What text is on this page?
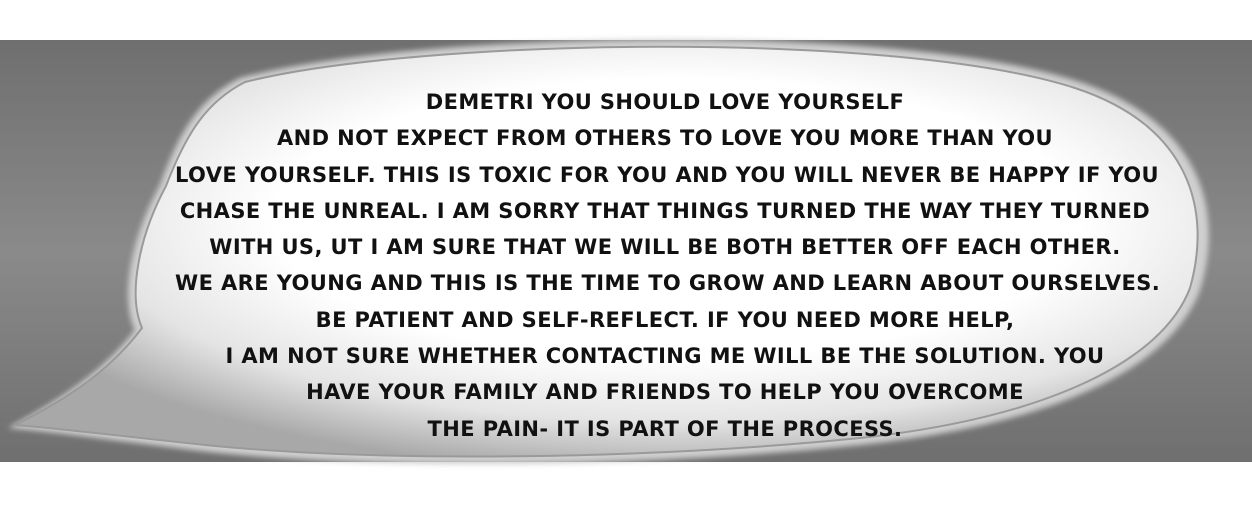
DEMETRI YOU SHOULD LOVE YOURSELF
AND NOT EXPECT FROM OTHERS TO LOVE YOU MORE THAN YOU
LOVE YOURSELF. THIS IS TOXIC FOR YOU AND YOU WILL NEVER BE HAPPY IF YOU
CHASE THE UNREAL. I AM SORRY THAT THINGS TURNED THE WAY THEY TURNED
WITH US, UT I AM SURE THAT WE WILL BE BOTH BETTER OFF EACH OTHER.
WE ARE YOUNG AND THIS IS THE TIME TO GROW AND LEARN ABOUT OURSELVES.
BE PATIENT AND SELF-REFLECT. IF YOU NEED MORE HELP,
I AM NOT SURE WHETHER CONTACTING ME WILL BE THE SOLUTION. YOU
HAVE YOUR FAMILY AND FRIENDS TO HELP YOU OVERCOME
THE PAIN- IT IS PART OF THE PROCESS.
